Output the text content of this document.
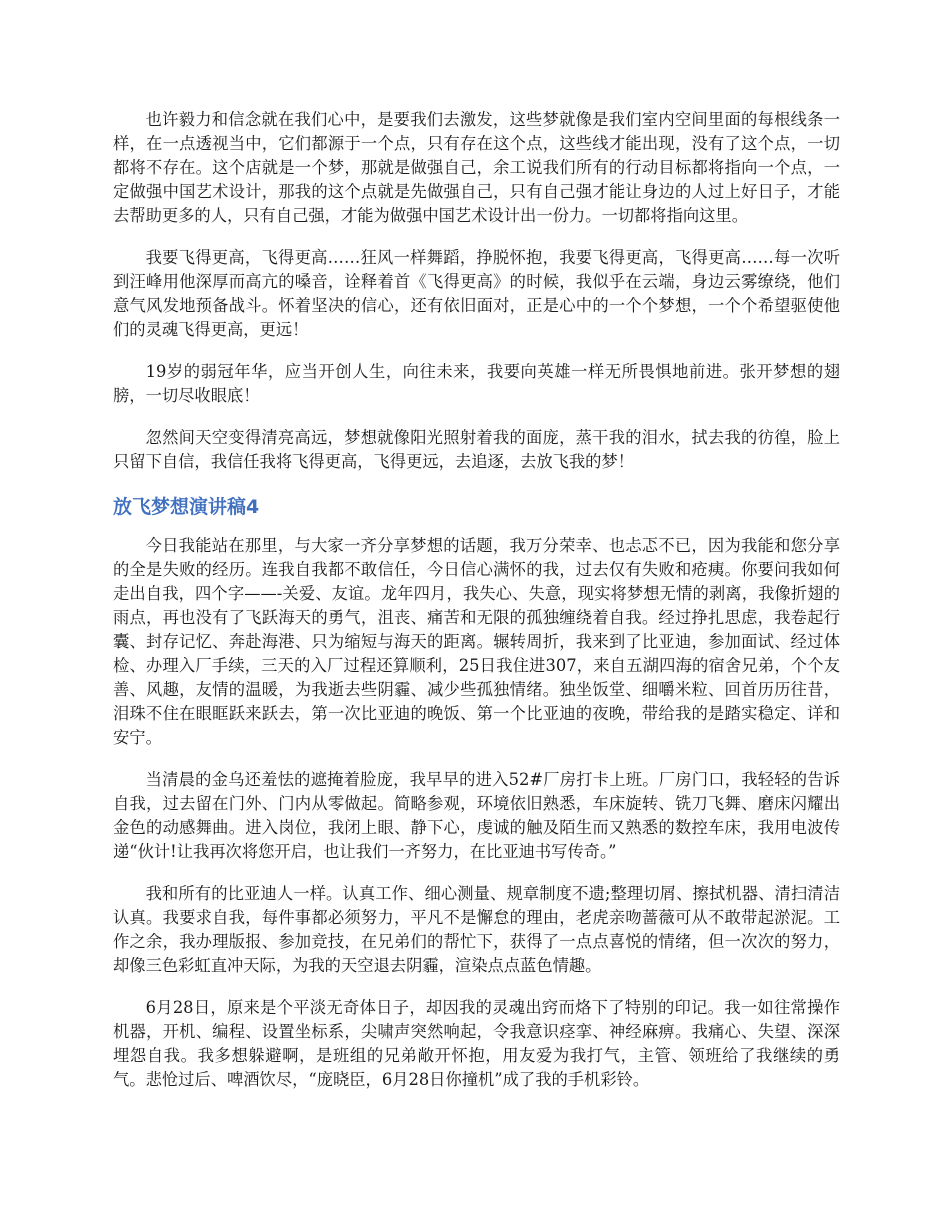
也许毅力和信念就在我们心中，是要我们去激发，这些梦就像是我们室内空间里面的每根线条一样，在一点透视当中，它们都源于一个点，只有存在这个点，这些线才能出现，没有了这个点，一切都将不存在。这个店就是一个梦，那就是做强自己，余工说我们所有的行动目标都将指向一个点，一定做强中国艺术设计，那我的这个点就是先做强自己，只有自己强才能让身边的人过上好日子，才能去帮助更多的人，只有自己强，才能为做强中国艺术设计出一份力。一切都将指向这里。

我要飞得更高，飞得更高……狂风一样舞蹈，挣脱怀抱，我要飞得更高，飞得更高……每一次听到汪峰用他深厚而高亢的嗓音，诠释着首《飞得更高》的时候，我似乎在云端，身边云雾缭绕，他们意气风发地预备战斗。怀着坚决的信心，还有依旧面对，正是心中的一个个梦想，一个个希望驱使他们的灵魂飞得更高，更远！

19岁的弱冠年华，应当开创人生，向往未来，我要向英雄一样无所畏惧地前进。张开梦想的翅膀，一切尽收眼底！

忽然间天空变得清亮高远，梦想就像阳光照射着我的面庞，蒸干我的泪水，拭去我的彷徨，脸上只留下自信，我信任我将飞得更高，飞得更远，去追逐，去放飞我的梦！

放飞梦想演讲稿4

今日我能站在那里，与大家一齐分享梦想的话题，我万分荣幸、也忐忑不已，因为我能和您分享的全是失败的经历。连我自我都不敢信任，今日信心满怀的我，过去仅有失败和疮痍。你要问我如何走出自我，四个字——-关爱、友谊。龙年四月，我失心、失意，现实将梦想无情的剥离，我像折翅的雨点，再也没有了飞跃海天的勇气，沮丧、痛苦和无限的孤独缠绕着自我。经过挣扎思虑，我卷起行囊、封存记忆、奔赴海港、只为缩短与海天的距离。辗转周折，我来到了比亚迪，参加面试、经过体检、办理入厂手续，三天的入厂过程还算顺利，25日我住进307，来自五湖四海的宿舍兄弟，个个友善、风趣，友情的温暖，为我逝去些阴霾、减少些孤独情绪。独坐饭堂、细嚼米粒、回首历历往昔，泪珠不住在眼眶跃来跃去，第一次比亚迪的晚饭、第一个比亚迪的夜晚，带给我的是踏实稳定、详和安宁。

当清晨的金乌还羞怯的遮掩着脸庞，我早早的进入52#厂房打卡上班。厂房门口，我轻轻的告诉自我，过去留在门外、门内从零做起。简略参观，环境依旧熟悉，车床旋转、铣刀飞舞、磨床闪耀出金色的动感舞曲。进入岗位，我闭上眼、静下心，虔诚的触及陌生而又熟悉的数控车床，我用电波传递“伙计!让我再次将您开启，也让我们一齐努力，在比亚迪书写传奇。”

我和所有的比亚迪人一样。认真工作、细心测量、规章制度不遗;整理切屑、擦拭机器、清扫清洁认真。我要求自我，每件事都必须努力，平凡不是懈怠的理由，老虎亲吻蔷薇可从不敢带起淤泥。工作之余，我办理版报、参加竞技，在兄弟们的帮忙下，获得了一点点喜悦的情绪，但一次次的努力，却像三色彩虹直冲天际，为我的天空退去阴霾，渲染点点蓝色情趣。

6月28日，原来是个平淡无奇体日子，却因我的灵魂出窍而烙下了特别的印记。我一如往常操作机器，开机、编程、设置坐标系，尖啸声突然响起，令我意识痉挛、神经麻痹。我痛心、失望、深深埋怨自我。我多想躲避啊，是班组的兄弟敞开怀抱，用友爱为我打气，主管、领班给了我继续的勇气。悲怆过后、啤酒饮尽，“庞晓臣，6月28日你撞机”成了我的手机彩铃。
